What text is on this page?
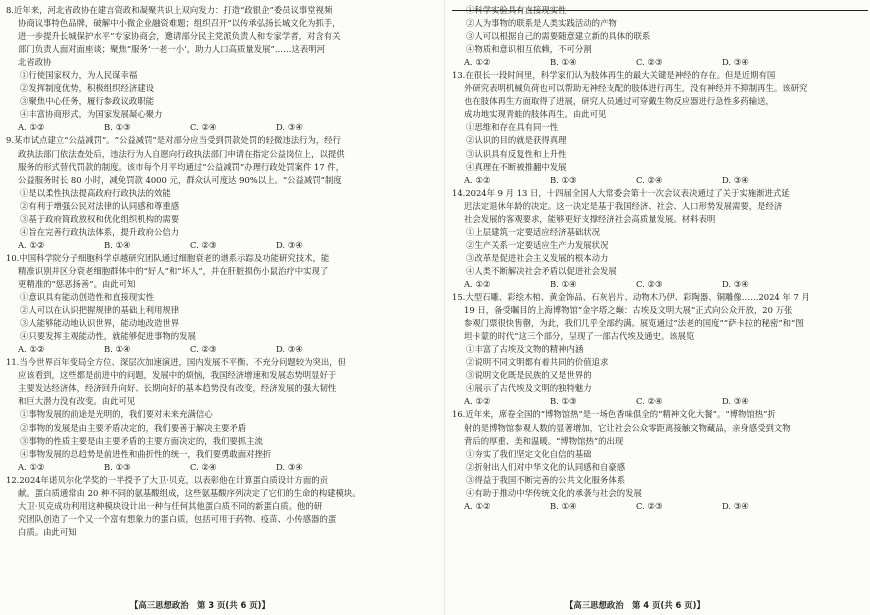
8.近年来，河北省政协在建言资政和凝聚共识上双向发力：打造“政银企”委员议事堂视频
协商议事特色品牌，破解中小微企业融资难题；组织召开“以传承弘扬长城文化为抓手，
进一步提升长城保护水平”专家协商会，邀请部分民主党派负责人和专家学者，对含有关
部门负责人面对面座谈；聚焦“服务‘一老一小’，助力人口高质量发展”……这表明河
北省政协
①行使国家权力，为人民谋幸福
②发挥制度优势，积极组织经济建设
③聚焦中心任务，履行参政议政职能
④丰富协商形式，为国家发展凝心聚力
A. ①②	B. ①③	C. ②④	D. ③④
9.某市试点建立“公益减罚”。“公益减罚”是对部分应当受到罚款处罚的轻微违法行为，经行
政执法部门依法查处后，违法行为人自愿向行政执法部门申请在指定公益岗位上，以提供
服务的形式替代罚款的制度。该市每个月平均通过“公益减罚”办理行政处罚案件 17 件，
公益服务时长 80 小时，减免罚款 4000 元，群众认可度达 90%以上。“公益减罚”制度
①是以柔性执法提高政府行政执法的效能
②有利于增强公民对法律的认同感和尊重感
③基于政府简政放权和优化组织机构的需要
④旨在完善行政执法体系，提升政府公信力
A. ①②	B. ①④	C. ②③	D. ③④
10.中国科学院分子细胞科学卓越研究团队通过细胞衰老的谱系示踪及功能研究技术，能
精准识别并区分衰老细胞群体中的“好人”和“坏人”，并在肝脏损伤小鼠治疗中实现了
更精准的“惩恶扬善”。由此可知
①意识具有能动创造性和直接现实性
②人可以在认识把握规律的基础上利用规律
③人能够能动地认识世界，能动地改造世界
④只要发挥主观能动性，就能够促进事物的发展
A. ①②	B. ①④	C. ②③	D. ③④
11.当今世界百年变局全方位、深层次加速演进，国内发展不平衡、不充分问题较为突出，但
应该看到，这些都是前进中的问题，发展中的烦恼，我国经济增速和发展态势明显好于
主要发达经济体，经济回升向好、长期向好的基本趋势没有改变，经济发展的强大韧性
和巨大潜力没有改变。由此可见
①事物发展的前途是光明的，我们要对未来充满信心
②事物的发展是由主要矛盾决定的，我们要善于解决主要矛盾
③事物的性质主要是由主要矛盾的主要方面决定的，我们要抓主流
④事物发展的总趋势是前进性和曲折性的统一，我们要勇敢面对挫折
A. ①②	B. ①③	C. ②④	D. ③④
12.2024年诺贝尔化学奖的一半授予了大卫·贝克，以表彰他在计算蛋白质设计方面的贡
献。蛋白质通常由 20 种不同的氨基酸组成，这些氨基酸序列决定了它们的生命的构建模块。
大卫·贝克成功利用这种模块设计出一种与任何其他蛋白质不同的新蛋白质。他的研
究团队创造了一个又一个富有想象力的蛋白质，包括可用于药物、疫苗、小传感器的蛋
白质。由此可知
①科学实验具有直接现实性
②人为事物的联系是人类实践活动的产物
③人可以根据自己的需要随意建立新的具体的联系
④物质和意识相互依赖，不可分割
A. ①②	B. ①④	C. ②③	D. ③④
13.在很长一段时间里，科学家们认为肢体再生的最大关键是神经的存在。但是近期有国
外研究表明机械负荷也可以帮助无神经支配的肢体进行再生，没有神经并不抑制再生。该研究
也在肢体再生方面取得了进展，研究人员通过可穿戴生物反应器进行急性多药输送，
成功地实现青蛙的肢体再生。由此可见
①思维和存在具有同一性
②认识的目的就是获得真理
③认识具有反复性和上升性
④真理在不断被推翻中发展
A. ①②	B. ①③	C. ②④	D. ③④
14.2024年 9 月 13 日，十四届全国人大常委会第十一次会议表决通过了关于实施渐进式延
迟法定退休年龄的决定。这一决定是基于我国经济、社会、人口形势发展需要，是经济
社会发展的客观要求，能够更好支撑经济社会高质量发展。材料表明
①上层建筑一定要适应经济基础状况
②生产关系一定要适应生产力发展状况
③改革是促进社会主义发展的根本动力
④人类不断解决社会矛盾以促进社会发展
A. ①②	B. ①④	C. ②③	D. ③④
15.大型石雕、彩绘木棺、黄金饰品、石灰岩片、动物木乃伊、彩陶器、铜雕像……2024 年 7 月
19 日，备受瞩目的上海博物馆“金字塔之巅：古埃及文明大展”正式向公众开放，20 万张
参观门票很快售罄，为此，我们几乎全部约满。展览通过“法老的国度”“萨卡拉的秘密”和“图
坦卡蒙的时代”这三个部分，呈现了一部古代埃及通史。该展览
①丰富了古埃及文物的精神内涵
②说明不同文明都有着共同的价值追求
③说明文化既是民族的又是世界的
④展示了古代埃及文明的独特魅力
A. ①②	B. ①③	C. ②④	D. ③④
16.近年来，席卷全国的“博物馆热”是一场色香味俱全的“精神文化大餐”。“博物馆热”折
射的是博物馆参观人数的显著增加，它让社会公众零距离接触文物藏品，亲身感受到文物
背后的厚重、美和温暖。“博物馆热”的出现
①夯实了我们坚定文化自信的基础
②折射出人们对中华文化的认同感和自豪感
③得益于我国不断完善的公共文化服务体系
④有助于推动中华传统文化的承袭与社会的发展
A. ①②	B. ①④	C. ②③	D. ③④
【高三思想政治　第 3 页(共 6 页)】	【高三思想政治　第 4 页(共 6 页)】
